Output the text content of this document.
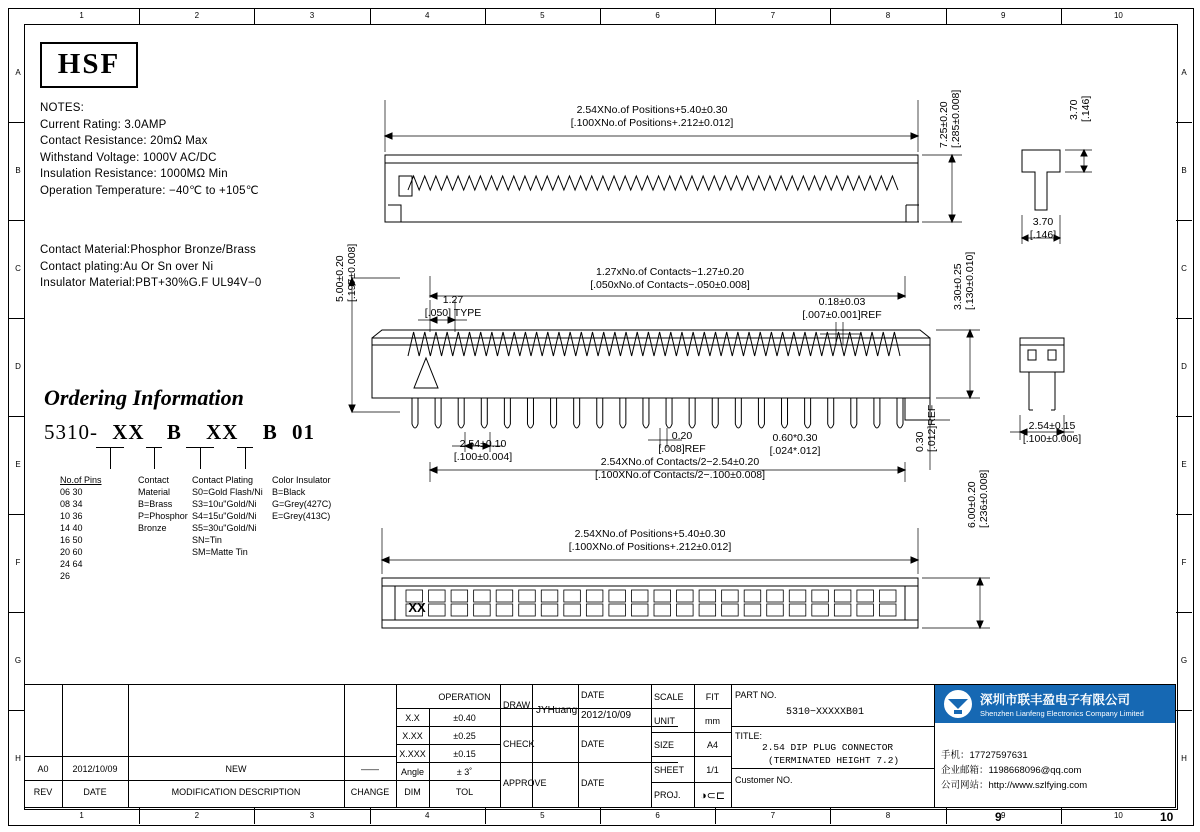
1
1
2
2
3
3
4
4
5
5
6
6
7
7
8
8
9
9
10
10
A	A
B	B
C	C
D	D
E	E
F	F
G	G
H	H
HSF
NOTES:
Current Rating: 3.0AMP
Contact Resistance: 20mΩ Max
Withstand Voltage: 1000V AC/DC
Insulation Resistance: 1000MΩ Min
Operation Temperature: −40℃ to +105℃
Contact Material:Phosphor Bronze/Brass
Contact plating:Au Or Sn over Ni
Insulator Material:PBT+30%G.F UL94V−0
Ordering Information
5310- XX B XX B 01
No.of Pins
06 30
08 34
10 36
14 40
16 50
20 60
24 64
26
Contact
Material
B=Brass
P=Phosphor
Bronze
Contact Plating
S0=Gold Flash/Ni
S3=10u"Gold/Ni
S4=15u"Gold/Ni
S5=30u"Gold/Ni
SN=Tin
SM=Matte Tin
Color Insulator
B=Black
G=Grey(427C)
E=Grey(413C)
2.54XNo.of Positions+5.40±0.30
[.100XNo.of Positions+.212±0.012]	7.25±0.20 [.285±0.008]	3.70 [.146]
3.70
[.146]
5.00±0.20 [.197±0.008]	1.27
[.050] TYPE
1.27xNo.of Contacts−1.27±0.20
[.050xNo.of Contacts−.050±0.008]
0.18±0.03
[.007±0.001]REF
3.30±0.25 [.130±0.010]
2.54±0.15
[.100±0.006]
2.54±0.10
[.100±0.004]
0.20
[.008]REF
0.60*0.30
[.024*.012]
2.54XNo.of Contacts/2−2.54±0.20
[.100XNo.of Contacts/2−.100±0.008]
0.30 [.012]REF
2.54XNo.of Positions+5.40±0.30
[.100XNo.of Positions+.212±0.012]
6.00±0.20 [.236±0.008]
XX
A0	2012/10/09	NEW	——
REV	DATE	MODIFICATION DESCRIPTION	CHANGE
OPERATION
X.X	±0.40
X.XX	±0.25
X.XXX	±0.15
Angle	± 3˚
DIM	TOL
DRAW JYHuang
DATE
2012/10/09
CHECK	DATE
APPROVE	DATE
SCALE	FIT
UNIT	mm
SIZE	A4
SHEET	1/1
PROJ.	◑⊂⊏
PART NO.
5310−XXXXXB01
TITLE:
2.54 DIP PLUG CONNECTOR
(TERMINATED HEIGHT 7.2)
Customer NO.
深圳市联丰盈电子有限公司
Shenzhen Lianfeng Electronics Company Limited
手机：17727597631
企业邮箱：1198668096@qq.com
公司网站：http://www.szlfying.com
9	10
